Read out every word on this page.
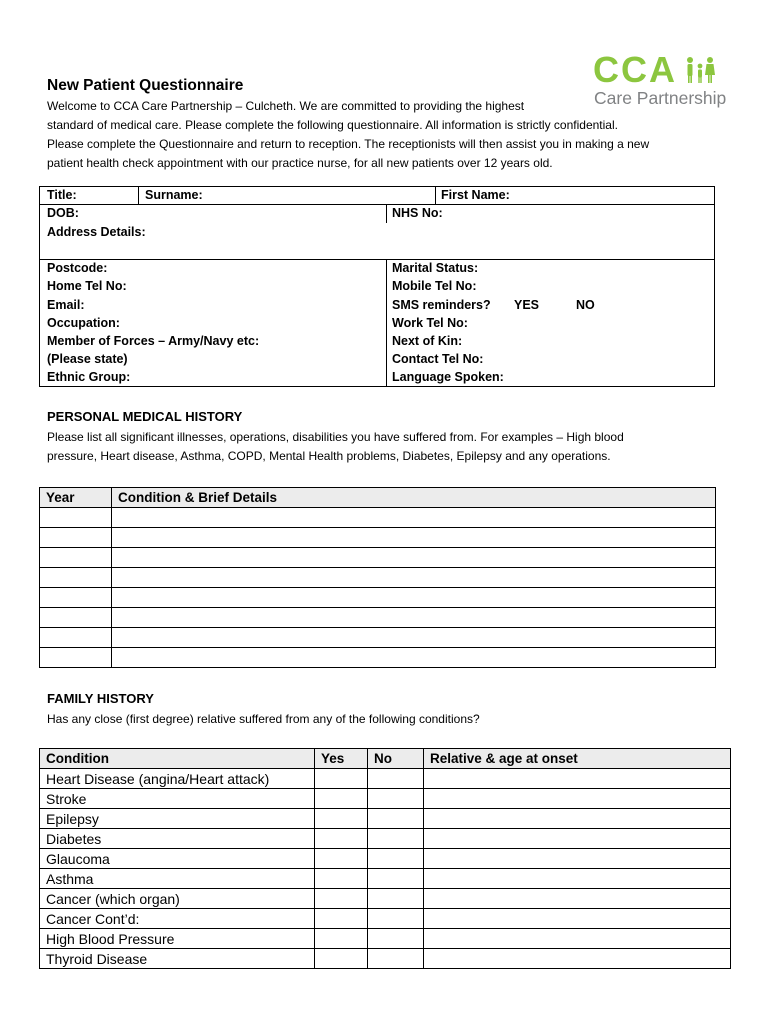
New Patient Questionnaire
Welcome to CCA Care Partnership – Culcheth. We are committed to providing the highest
standard of medical care. Please complete the following questionnaire. All information is strictly confidential.
Please complete the Questionnaire and return to reception. The receptionists will then assist you in making a new
patient health check appointment with our practice nurse, for all new patients over 12 years old.
CCA
Care Partnership
Title:	Surname:	First Name:
DOB:	NHS No:
Address Details:
Postcode:	Marital Status:
Home Tel No:	Mobile Tel No:
Email:	SMS reminders? YES	NO
Occupation:	Work Tel No:
Member of Forces – Army/Navy etc:	Next of Kin:
(Please state)	Contact Tel No:
Ethnic Group:	Language Spoken:
PERSONAL MEDICAL HISTORY
Please list all significant illnesses, operations, disabilities you have suffered from. For examples – High blood
pressure, Heart disease, Asthma, COPD, Mental Health problems, Diabetes, Epilepsy and any operations.
Year	Condition & Brief Details

FAMILY HISTORY
Has any close (first degree) relative suffered from any of the following conditions?
Condition	Yes	No	Relative & age at onset
Heart Disease (angina/Heart attack)			
Stroke			
Epilepsy			
Diabetes			
Glaucoma			
Asthma			
Cancer (which organ)			
Cancer Cont’d:			
High Blood Pressure			
Thyroid Disease			
